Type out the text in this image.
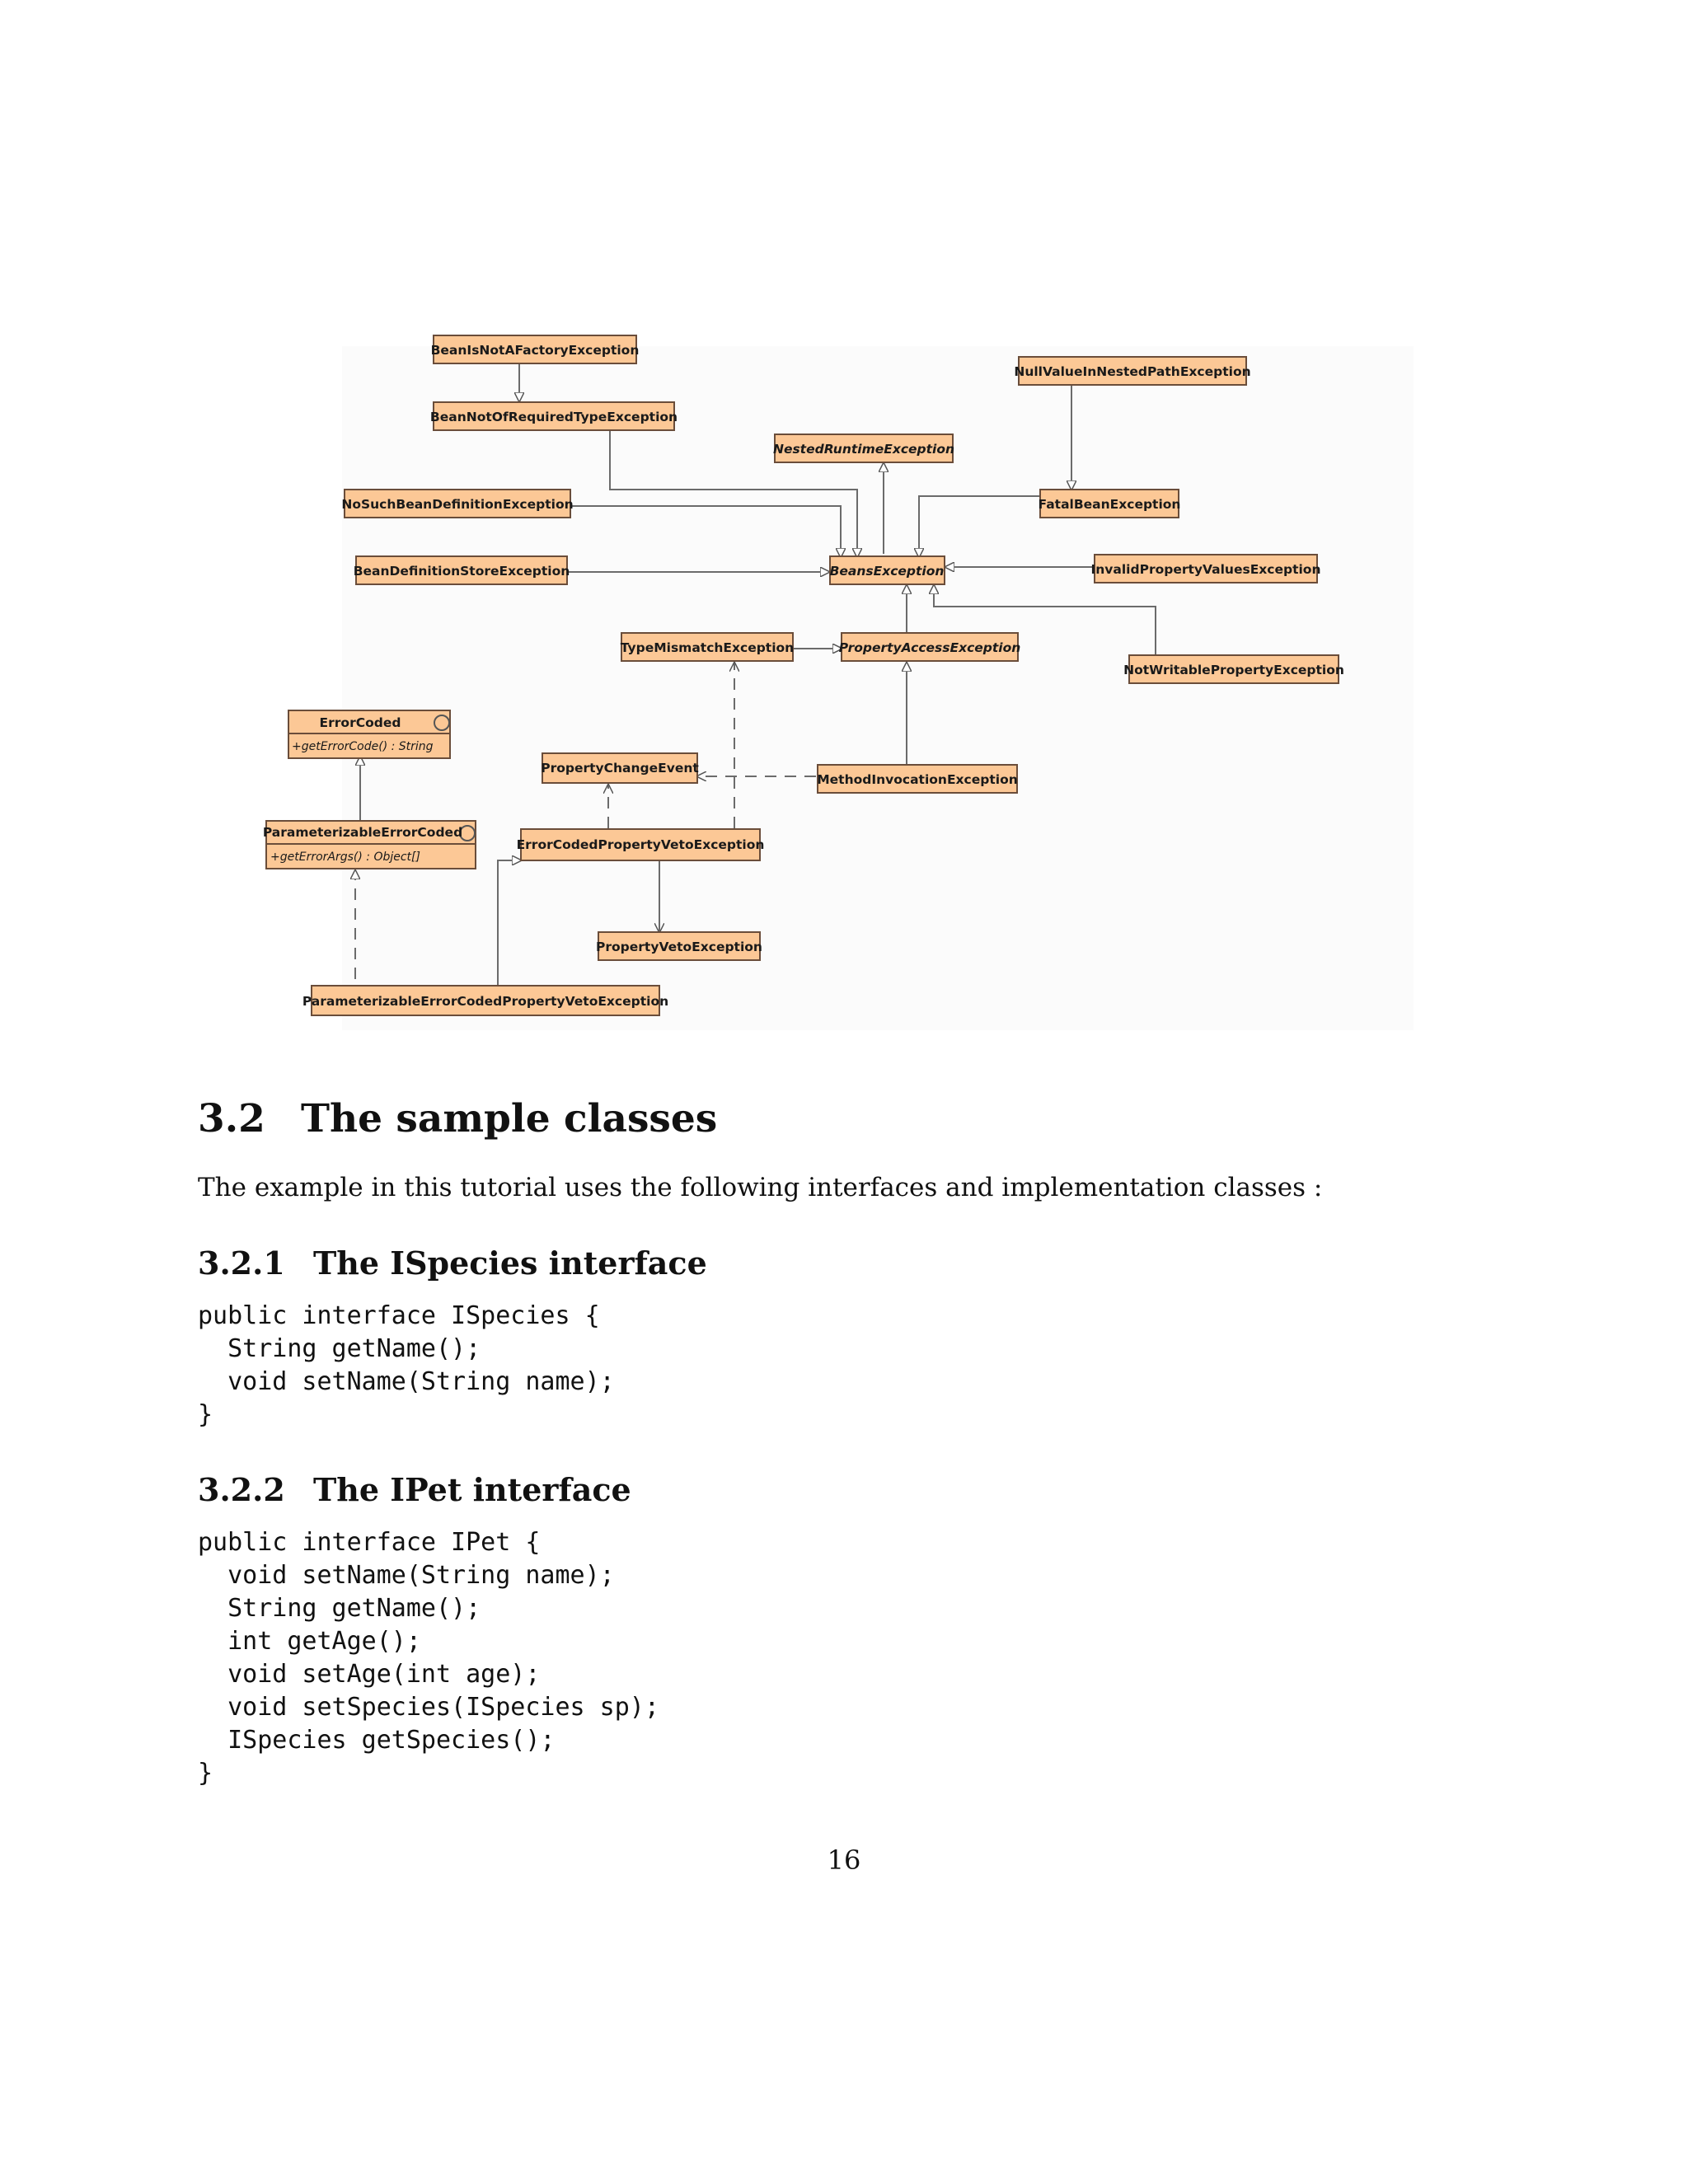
BeanIsNotAFactoryException
BeanNotOfRequiredTypeException
NullValueInNestedPathException
NestedRuntimeException
NoSuchBeanDefinitionException	FatalBeanException
BeanDefinitionStoreException	BeansException	InvalidPropertyValuesException
TypeMismatchException	PropertyAccessException
NotWritablePropertyException
ErrorCoded
+getErrorCode() : String
PropertyChangeEvent
MethodInvocationException
ParameterizableErrorCoded
+getErrorArgs() : Object[]
ErrorCodedPropertyVetoException
PropertyVetoException
ParameterizableErrorCodedPropertyVetoException
3.2 The sample classes

The example in this tutorial uses the following interfaces and implementation classes :

3.2.1 The ISpecies interface
public interface ISpecies {
String getName();
void setName(String name);
}
3.2.2 The IPet interface
public interface IPet {
void setName(String name);
String getName();
int getAge();
void setAge(int age);
void setSpecies(ISpecies sp);
ISpecies getSpecies();
}

16
